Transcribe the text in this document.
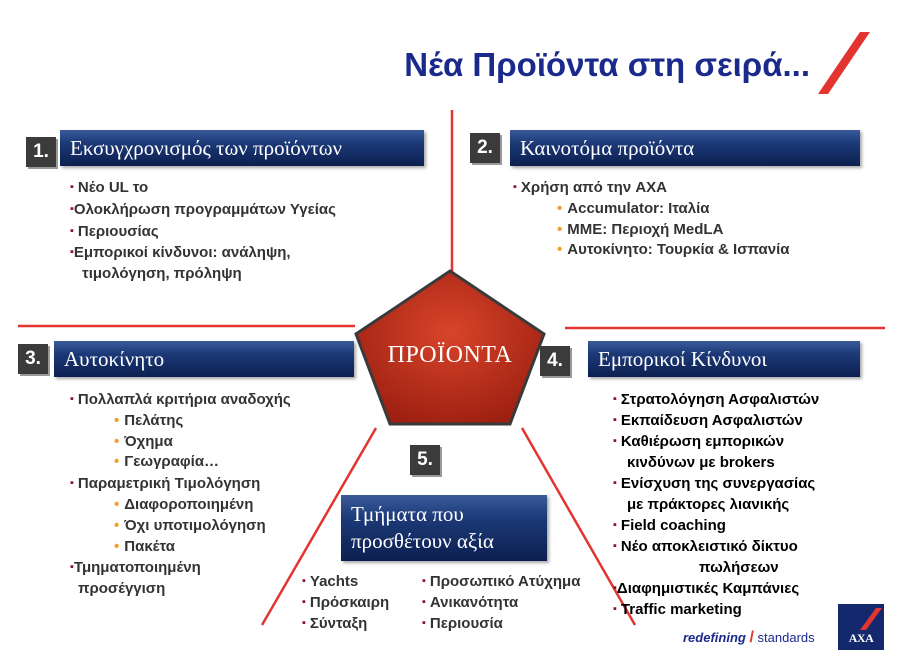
Νέα Προϊόντα στη σειρά...
ΠΡΟΪΟΝΤΑ
1.	Εκσυγχρονισμός των προϊόντων
▪ Νέο UL το
▪Ολοκλήρωση προγραμμάτων Υγείας
▪ Περιουσίας
▪Εμπορικοί κίνδυνοι: ανάληψη,
τιμολόγηση, πρόληψη
2.	Καινοτόμα προϊόντα
▪ Χρήση από την AXA
• Accumulator: Ιταλία
• MME: Περιοχή MedLA
• Αυτοκίνητο: Τουρκία & Ισπανία
3.	Αυτοκίνητο
▪ Πολλαπλά κριτήρια αναδοχής
• Πελάτης
• Όχημα
• Γεωγραφία…
▪ Παραμετρική Τιμολόγηση
• Διαφοροποιημένη
• Όχι υποτιμολόγηση
• Πακέτα
▪Τμηματοποιημένη
προσέγγιση
4.	Εμπορικοί Κίνδυνοι
▪ Στρατολόγηση Ασφαλιστών
▪ Εκπαίδευση Ασφαλιστών
▪ Καθιέρωση εμπορικών
κινδύνων με brokers
▪ Ενίσχυση της συνεργασίας
με πράκτορες λιανικής
▪ Field coaching
▪ Νέο αποκλειστικό δίκτυο
πωλήσεων
▪Διαφημιστικές Καμπάνιες
▪ Traffic marketing
5.
Τμήματα που
προσθέτουν αξία
▪ Yachts
▪ Πρόσκαιρη
▪ Σύνταξη
▪ Προσωπικό Ατύχημα
▪ Ανικανότητα
▪ Περιουσία
redefining / standards	AXA
